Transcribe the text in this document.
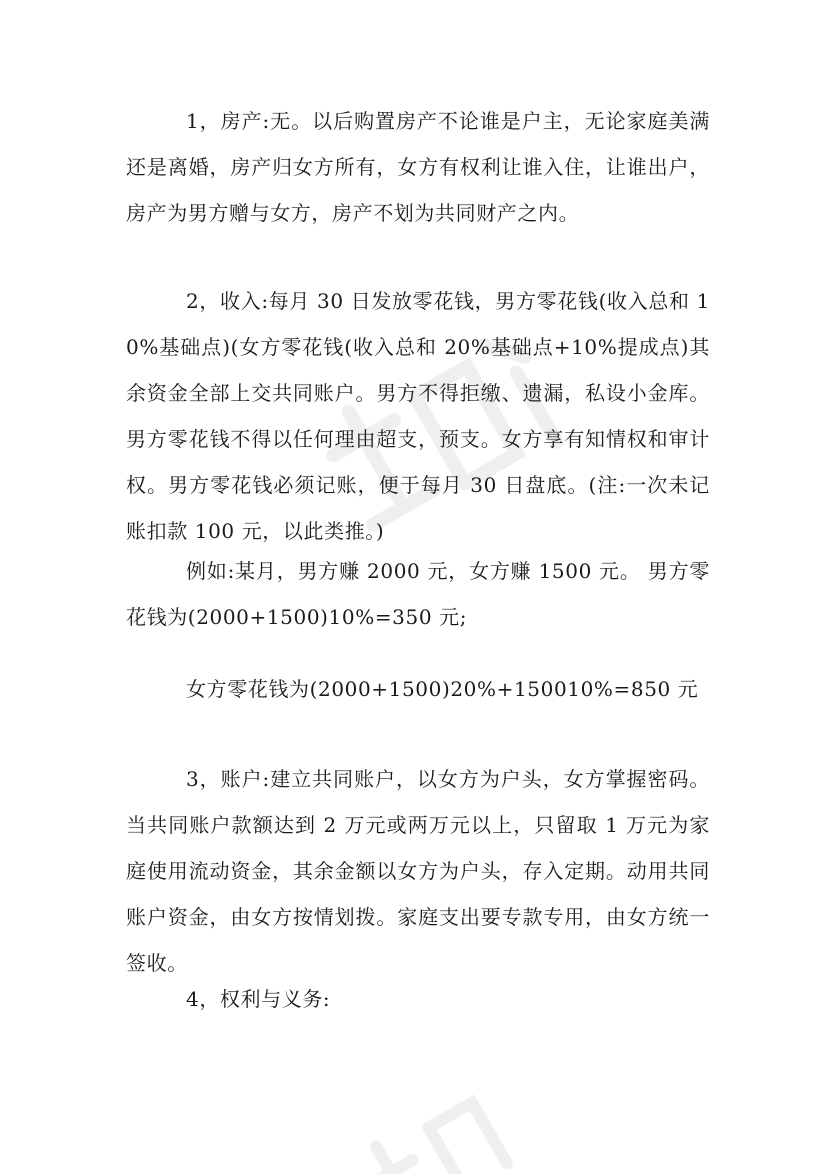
1，房产:无。以后购置房产不论谁是户主，无论家庭美满还是离婚，房产归女方所有，女方有权利让谁入住，让谁出户，房产为男方赠与女方，房产不划为共同财产之内。

2，收入:每月 30 日发放零花钱，男方零花钱(收入总和 10%基础点)(女方零花钱(收入总和 20%基础点+10%提成点)其余资金全部上交共同账户。男方不得拒缴、遗漏，私设小金库。男方零花钱不得以任何理由超支，预支。女方享有知情权和审计权。男方零花钱必须记账，便于每月 30 日盘底。(注:一次未记账扣款 100 元，以此类推。)

例如:某月，男方赚 2000 元，女方赚 1500 元。 男方零花钱为(2000+1500)10%=350 元;

女方零花钱为(2000+1500)20%+150010%=850 元

3，账户:建立共同账户，以女方为户头，女方掌握密码。当共同账户款额达到 2 万元或两万元以上，只留取 1 万元为家庭使用流动资金，其余金额以女方为户头，存入定期。动用共同账户资金，由女方按情划拨。家庭支出要专款专用，由女方统一签收。

4，权利与义务:
